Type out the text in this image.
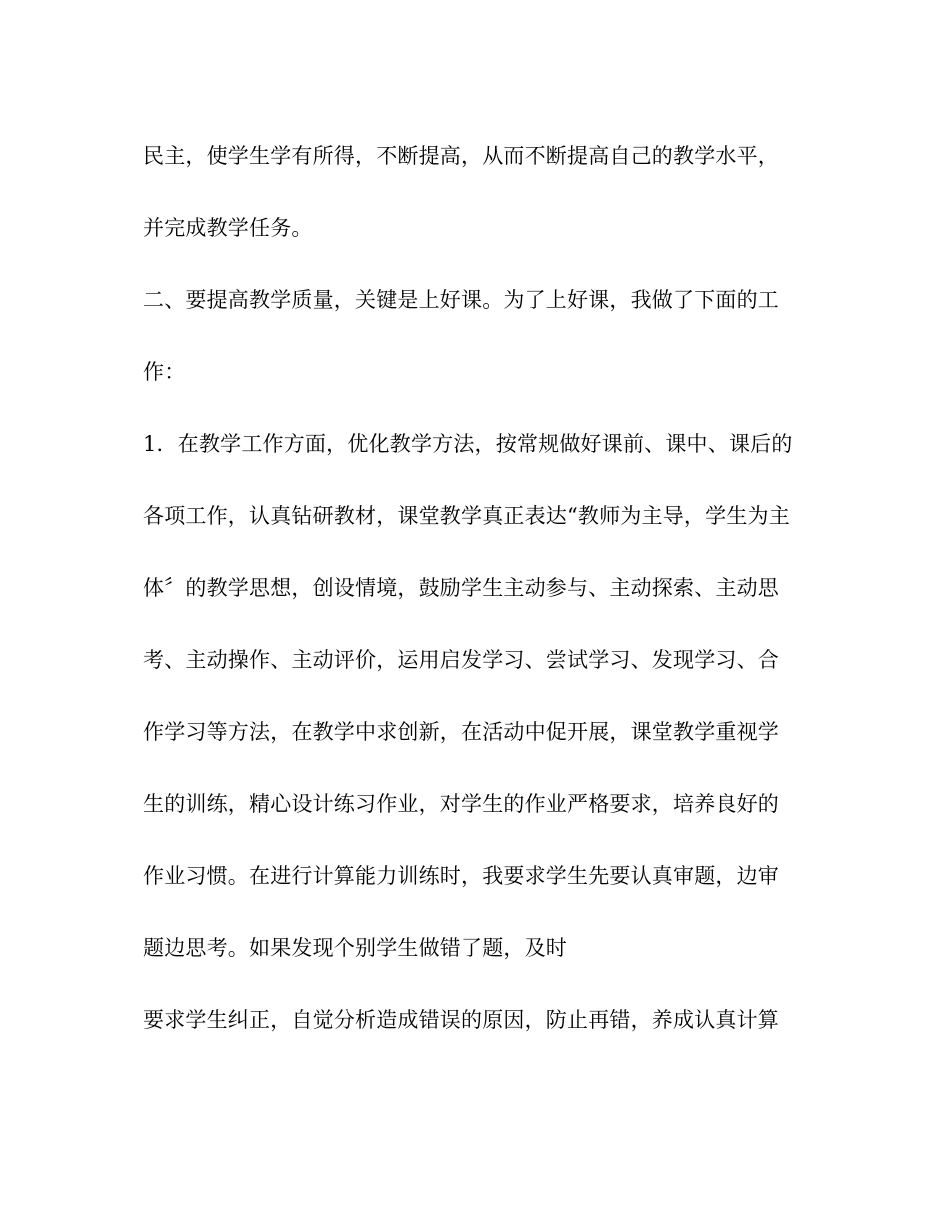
民主，使学生学有所得，不断提高，从而不断提高自己的教学水平，
并完成教学任务。
二、要提高教学质量，关键是上好课。为了上好课，我做了下面的工
作：
1．在教学工作方面，优化教学方法，按常规做好课前、课中、课后的
各项工作，认真钻研教材，课堂教学真正表达“教师为主导，学生为主
体〞的教学思想，创设情境，鼓励学生主动参与、主动探索、主动思
考、主动操作、主动评价，运用启发学习、尝试学习、发现学习、合
作学习等方法，在教学中求创新，在活动中促开展，课堂教学重视学
生的训练，精心设计练习作业，对学生的作业严格要求，培养良好的
作业习惯。在进行计算能力训练时，我要求学生先要认真审题，边审
题边思考。如果发现个别学生做错了题，及时
要求学生纠正，自觉分析造成错误的原因，防止再错，养成认真计算
